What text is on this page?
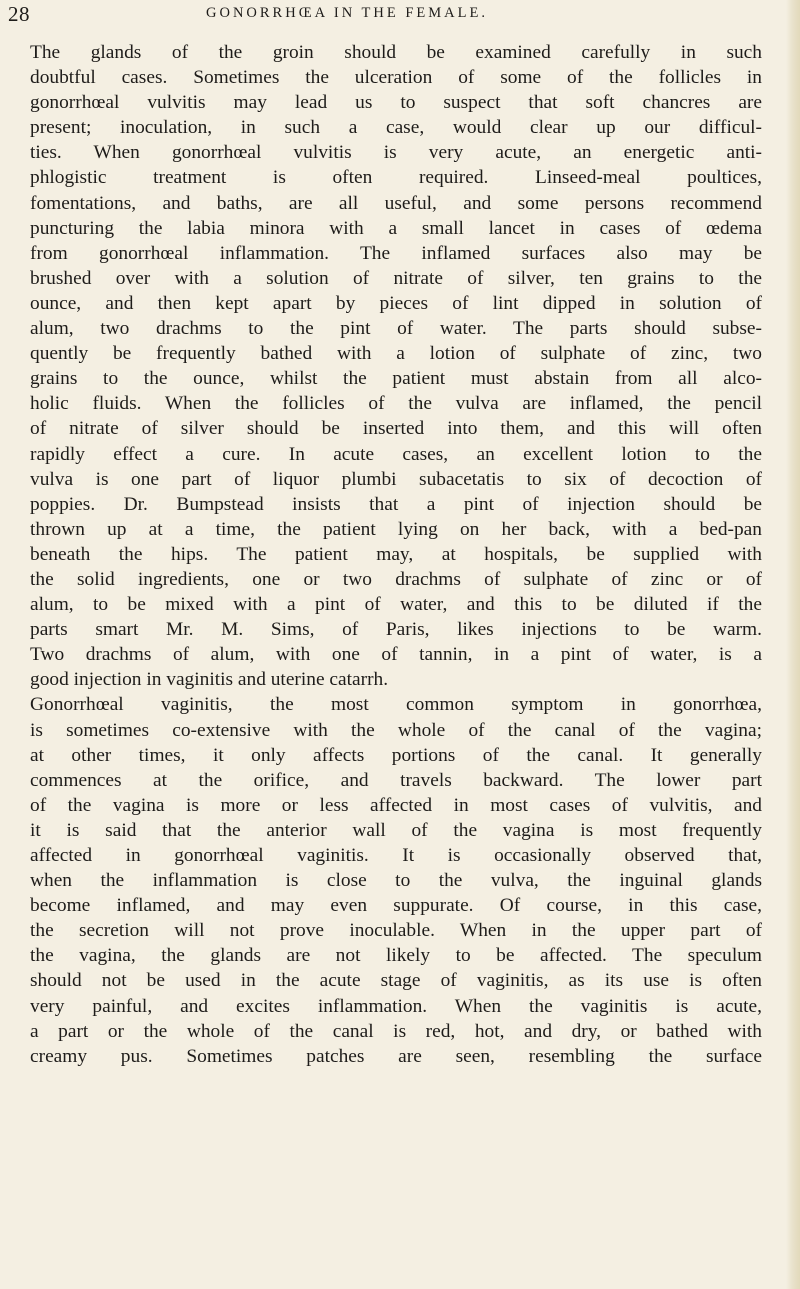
28	GONORRHŒA IN THE FEMALE.
The glands of the groin should be examined carefully in such
doubtful cases. Sometimes the ulceration of some of the follicles in
gonorrhœal vulvitis may lead us to suspect that soft chancres are
present; inoculation, in such a case, would clear up our difficul-
ties. When gonorrhœal vulvitis is very acute, an energetic anti-
phlogistic treatment is often required. Linseed-meal poultices,
fomentations, and baths, are all useful, and some persons recommend
puncturing the labia minora with a small lancet in cases of œdema
from gonorrhœal inflammation. The inflamed surfaces also may be
brushed over with a solution of nitrate of silver, ten grains to the
ounce, and then kept apart by pieces of lint dipped in solution of
alum, two drachms to the pint of water. The parts should subse-
quently be frequently bathed with a lotion of sulphate of zinc, two
grains to the ounce, whilst the patient must abstain from all alco-
holic fluids. When the follicles of the vulva are inflamed, the pencil
of nitrate of silver should be inserted into them, and this will often
rapidly effect a cure. In acute cases, an excellent lotion to the
vulva is one part of liquor plumbi subacetatis to six of decoction of
poppies. Dr. Bumpstead insists that a pint of injection should be
thrown up at a time, the patient lying on her back, with a bed-pan
beneath the hips. The patient may, at hospitals, be supplied with
the solid ingredients, one or two drachms of sulphate of zinc or of
alum, to be mixed with a pint of water, and this to be diluted if the
parts smart Mr. M. Sims, of Paris, likes injections to be warm.
Two drachms of alum, with one of tannin, in a pint of water, is a
good injection in vaginitis and uterine catarrh.
Gonorrhœal vaginitis, the most common symptom in gonorrhœa,
is sometimes co-extensive with the whole of the canal of the vagina;
at other times, it only affects portions of the canal. It generally
commences at the orifice, and travels backward. The lower part
of the vagina is more or less affected in most cases of vulvitis, and
it is said that the anterior wall of the vagina is most frequently
affected in gonorrhœal vaginitis. It is occasionally observed that,
when the inflammation is close to the vulva, the inguinal glands
become inflamed, and may even suppurate. Of course, in this case,
the secretion will not prove inoculable. When in the upper part of
the vagina, the glands are not likely to be affected. The speculum
should not be used in the acute stage of vaginitis, as its use is often
very painful, and excites inflammation. When the vaginitis is acute,
a part or the whole of the canal is red, hot, and dry, or bathed with
creamy pus. Sometimes patches are seen, resembling the surface
